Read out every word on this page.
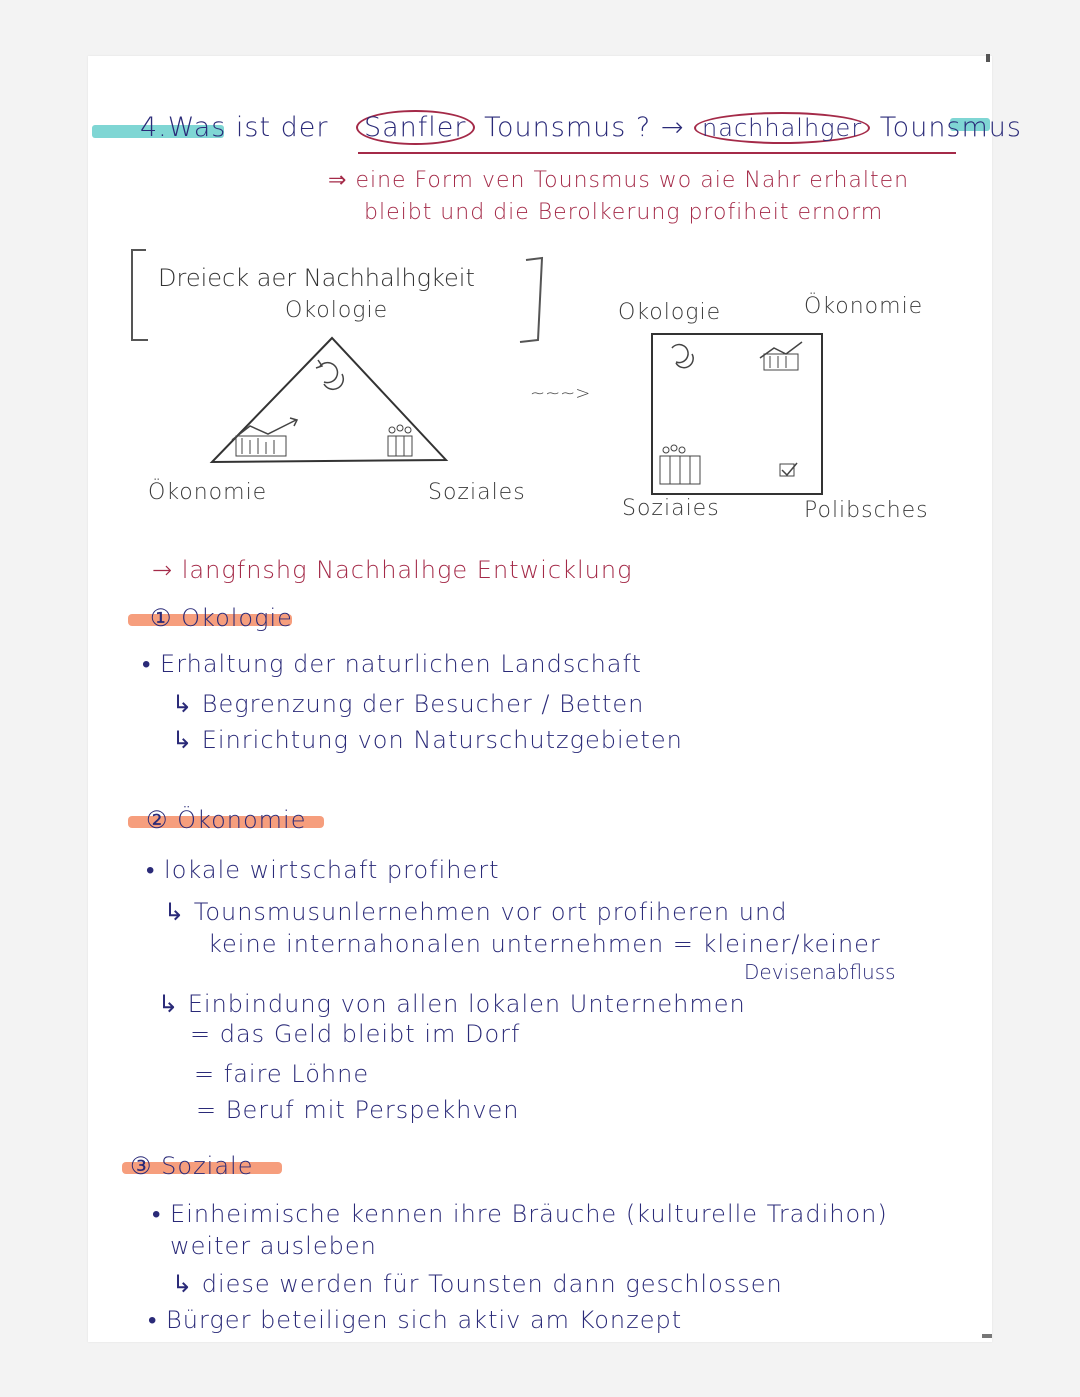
4.Was ist der Sanfler Tounsmus ? → nachhalhger Tounsmus
⇒ eine Form ven Tounsmus wo aie Nahr erhalten
bleibt und die Berolkerung profiheit ernorm
Dreieck aer Nachhalhgkeit
Okologie
Ökonomie	Soziales
~~~>
Okologie	Ökonomie
Soziaies	Polibsches
→ langfnshg Nachhalhge Entwicklung
① Okologie
• Erhaltung der naturlichen Landschaft
↳ Begrenzung der Besucher / Betten
↳ Einrichtung von Naturschutzgebieten
② Ökonomie
• lokale wirtschaft profihert
↳ Tounsmusunlernehmen vor ort profiheren und
keine internahonalen unternehmen = kleiner/keiner
Devisenabfluss
↳ Einbindung von allen lokalen Unternehmen
= das Geld bleibt im Dorf
= faire Löhne
= Beruf mit Perspekhven
③ Soziale
• Einheimische kennen ihre Bräuche (kulturelle Tradihon)
weiter ausleben
↳ diese werden für Tounsten dann geschlossen
• Bürger beteiligen sich aktiv am Konzept
